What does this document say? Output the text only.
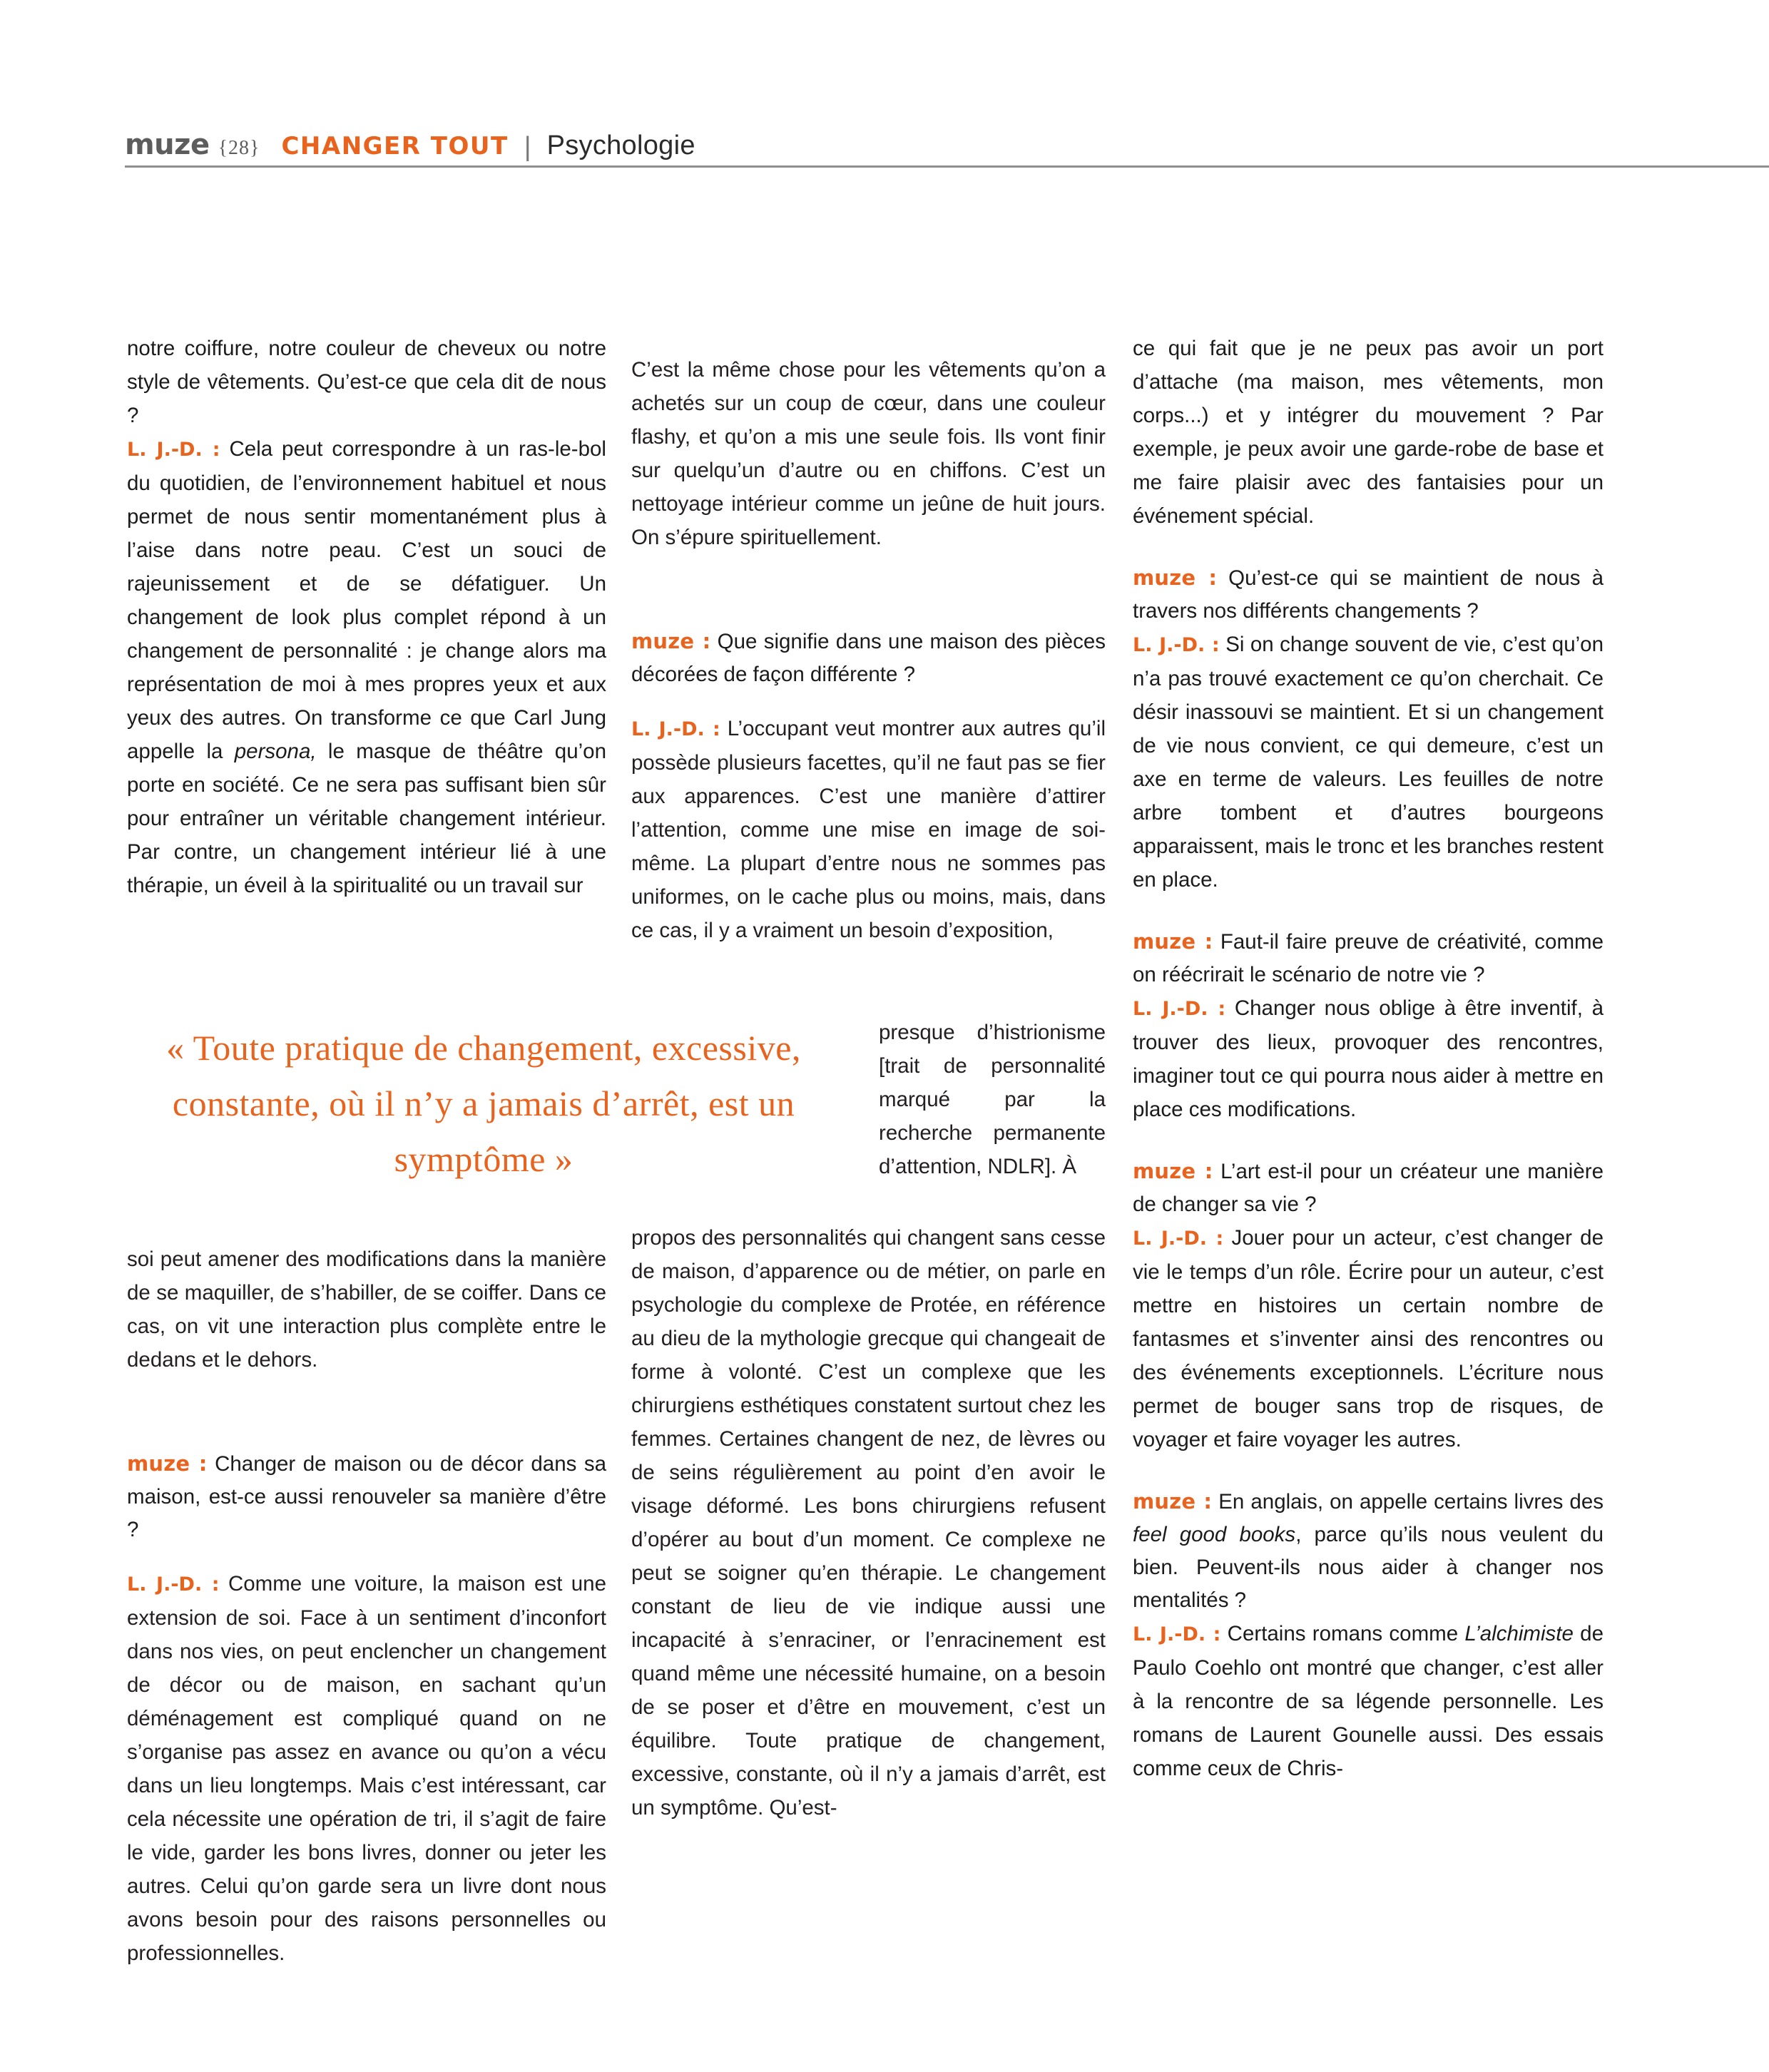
muze {28} CHANGER TOUT | Psychologie

notre coiffure, notre couleur de cheveux ou notre style de vêtements. Qu’est-ce que cela dit de nous ?

L. J.-D. : Cela peut correspondre à un ras-le-bol du quotidien, de l’environnement habituel et nous permet de nous sentir momentanément plus à l’aise dans notre peau. C’est un souci de rajeunissement et de se défatiguer. Un changement de look plus complet répond à un changement de personnalité : je change alors ma représentation de moi à mes propres yeux et aux yeux des autres. On transforme ce que Carl Jung appelle la persona, le masque de théâtre qu’on porte en société. Ce ne sera pas suffisant bien sûr pour entraîner un véritable changement intérieur. Par contre, un changement intérieur lié à une thérapie, un éveil à la spiritualité ou un travail sur

« Toute pratique de changement, excessive, constante, où il n’y a jamais d’arrêt, est un symptôme »

soi peut amener des modifications dans la manière de se maquiller, de s’habiller, de se coiffer. Dans ce cas, on vit une interaction plus complète entre le dedans et le dehors.

muze : Changer de maison ou de décor dans sa maison, est-ce aussi renouveler sa manière d’être ?

L. J.-D. : Comme une voiture, la maison est une extension de soi. Face à un sentiment d’inconfort dans nos vies, on peut enclencher un changement de décor ou de maison, en sachant qu’un déménagement est compliqué quand on ne s’organise pas assez en avance ou qu’on a vécu dans un lieu longtemps. Mais c’est intéressant, car cela nécessite une opération de tri, il s’agit de faire le vide, garder les bons livres, donner ou jeter les autres. Celui qu’on garde sera un livre dont nous avons besoin pour des raisons personnelles ou professionnelles.

C’est la même chose pour les vêtements qu’on a achetés sur un coup de cœur, dans une couleur flashy, et qu’on a mis une seule fois. Ils vont finir sur quelqu’un d’autre ou en chiffons. C’est un nettoyage intérieur comme un jeûne de huit jours. On s’épure spirituellement.

muze : Que signifie dans une maison des pièces décorées de façon différente ?

L. J.-D. : L’occupant veut montrer aux autres qu’il possède plusieurs facettes, qu’il ne faut pas se fier aux apparences. C’est une manière d’attirer l’attention, comme une mise en image de soi-même. La plupart d’entre nous ne sommes pas uniformes, on le cache plus ou moins, mais, dans ce cas, il y a vraiment un besoin d’exposition,

presque d’histrionisme [trait de personnalité marqué par la recherche permanente d’attention, NDLR]. À
propos des personnalités qui changent sans cesse de maison, d’apparence ou de métier, on parle en psychologie du complexe de Protée, en référence au dieu de la mythologie grecque qui changeait de forme à volonté. C’est un complexe que les chirurgiens esthétiques constatent surtout chez les femmes. Certaines changent de nez, de lèvres ou de seins régulièrement au point d’en avoir le visage déformé. Les bons chirurgiens refusent d’opérer au bout d’un moment. Ce complexe ne peut se soigner qu’en thérapie. Le changement constant de lieu de vie indique aussi une incapacité à s’enraciner, or l’enracinement est quand même une nécessité humaine, on a besoin de se poser et d’être en mouvement, c’est un équilibre. Toute pratique de changement, excessive, constante, où il n’y a jamais d’arrêt, est un symptôme. Qu’est-

ce qui fait que je ne peux pas avoir un port d’attache (ma maison, mes vêtements, mon corps...) et y intégrer du mouvement ? Par exemple, je peux avoir une garde-robe de base et me faire plaisir avec des fantaisies pour un événement spécial.

muze : Qu’est-ce qui se maintient de nous à travers nos différents changements ?

L. J.-D. : Si on change souvent de vie, c’est qu’on n’a pas trouvé exactement ce qu’on cherchait. Ce désir inassouvi se maintient. Et si un changement de vie nous convient, ce qui demeure, c’est un axe en terme de valeurs. Les feuilles de notre arbre tombent et d’autres bourgeons apparaissent, mais le tronc et les branches restent en place.

muze : Faut-il faire preuve de créativité, comme on réécrirait le scénario de notre vie ?

L. J.-D. : Changer nous oblige à être inventif, à trouver des lieux, provoquer des rencontres, imaginer tout ce qui pourra nous aider à mettre en place ces modifications.

muze : L’art est-il pour un créateur une manière de changer sa vie ?

L. J.-D. : Jouer pour un acteur, c’est changer de vie le temps d’un rôle. Écrire pour un auteur, c’est mettre en histoires un certain nombre de fantasmes et s’inventer ainsi des rencontres ou des événements exceptionnels. L’écriture nous permet de bouger sans trop de risques, de voyager et faire voyager les autres.

muze : En anglais, on appelle certains livres des feel good books, parce qu’ils nous veulent du bien. Peuvent-ils nous aider à changer nos mentalités ?

L. J.-D. : Certains romans comme L’alchimiste de Paulo Coehlo ont montré que changer, c’est aller à la rencontre de sa légende personnelle. Les romans de Laurent Gounelle aussi. Des essais comme ceux de Chris-
